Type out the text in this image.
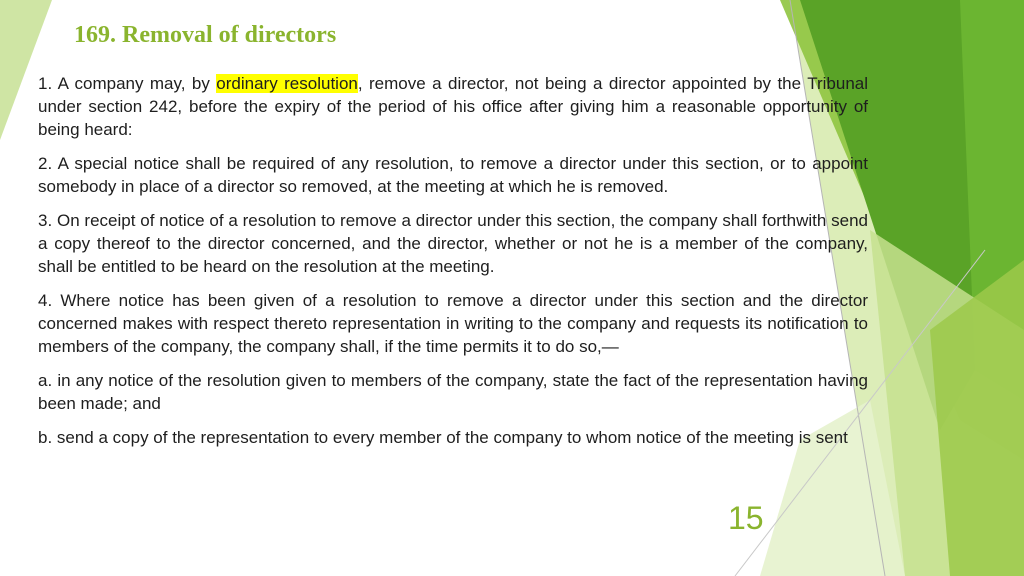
169. Removal of directors

1. A company may, by ordinary resolution, remove a director, not being a director appointed by the Tribunal under section 242, before the expiry of the period of his office after giving him a reasonable opportunity of being heard:

2. A special notice shall be required of any resolution, to remove a director under this section, or to appoint somebody in place of a director so removed, at the meeting at which he is removed.

3. On receipt of notice of a resolution to remove a director under this section, the company shall forthwith send a copy thereof to the director concerned, and the director, whether or not he is a member of the company, shall be entitled to be heard on the resolution at the meeting.

4. Where notice has been given of a resolution to remove a director under this section and the director concerned makes with respect thereto representation in writing to the company and requests its notification to members of the company, the company shall, if the time permits it to do so,—

a. in any notice of the resolution given to members of the company, state the fact of the representation having been made; and

b. send a copy of the representation to every member of the company to whom notice of the meeting is sent

15
